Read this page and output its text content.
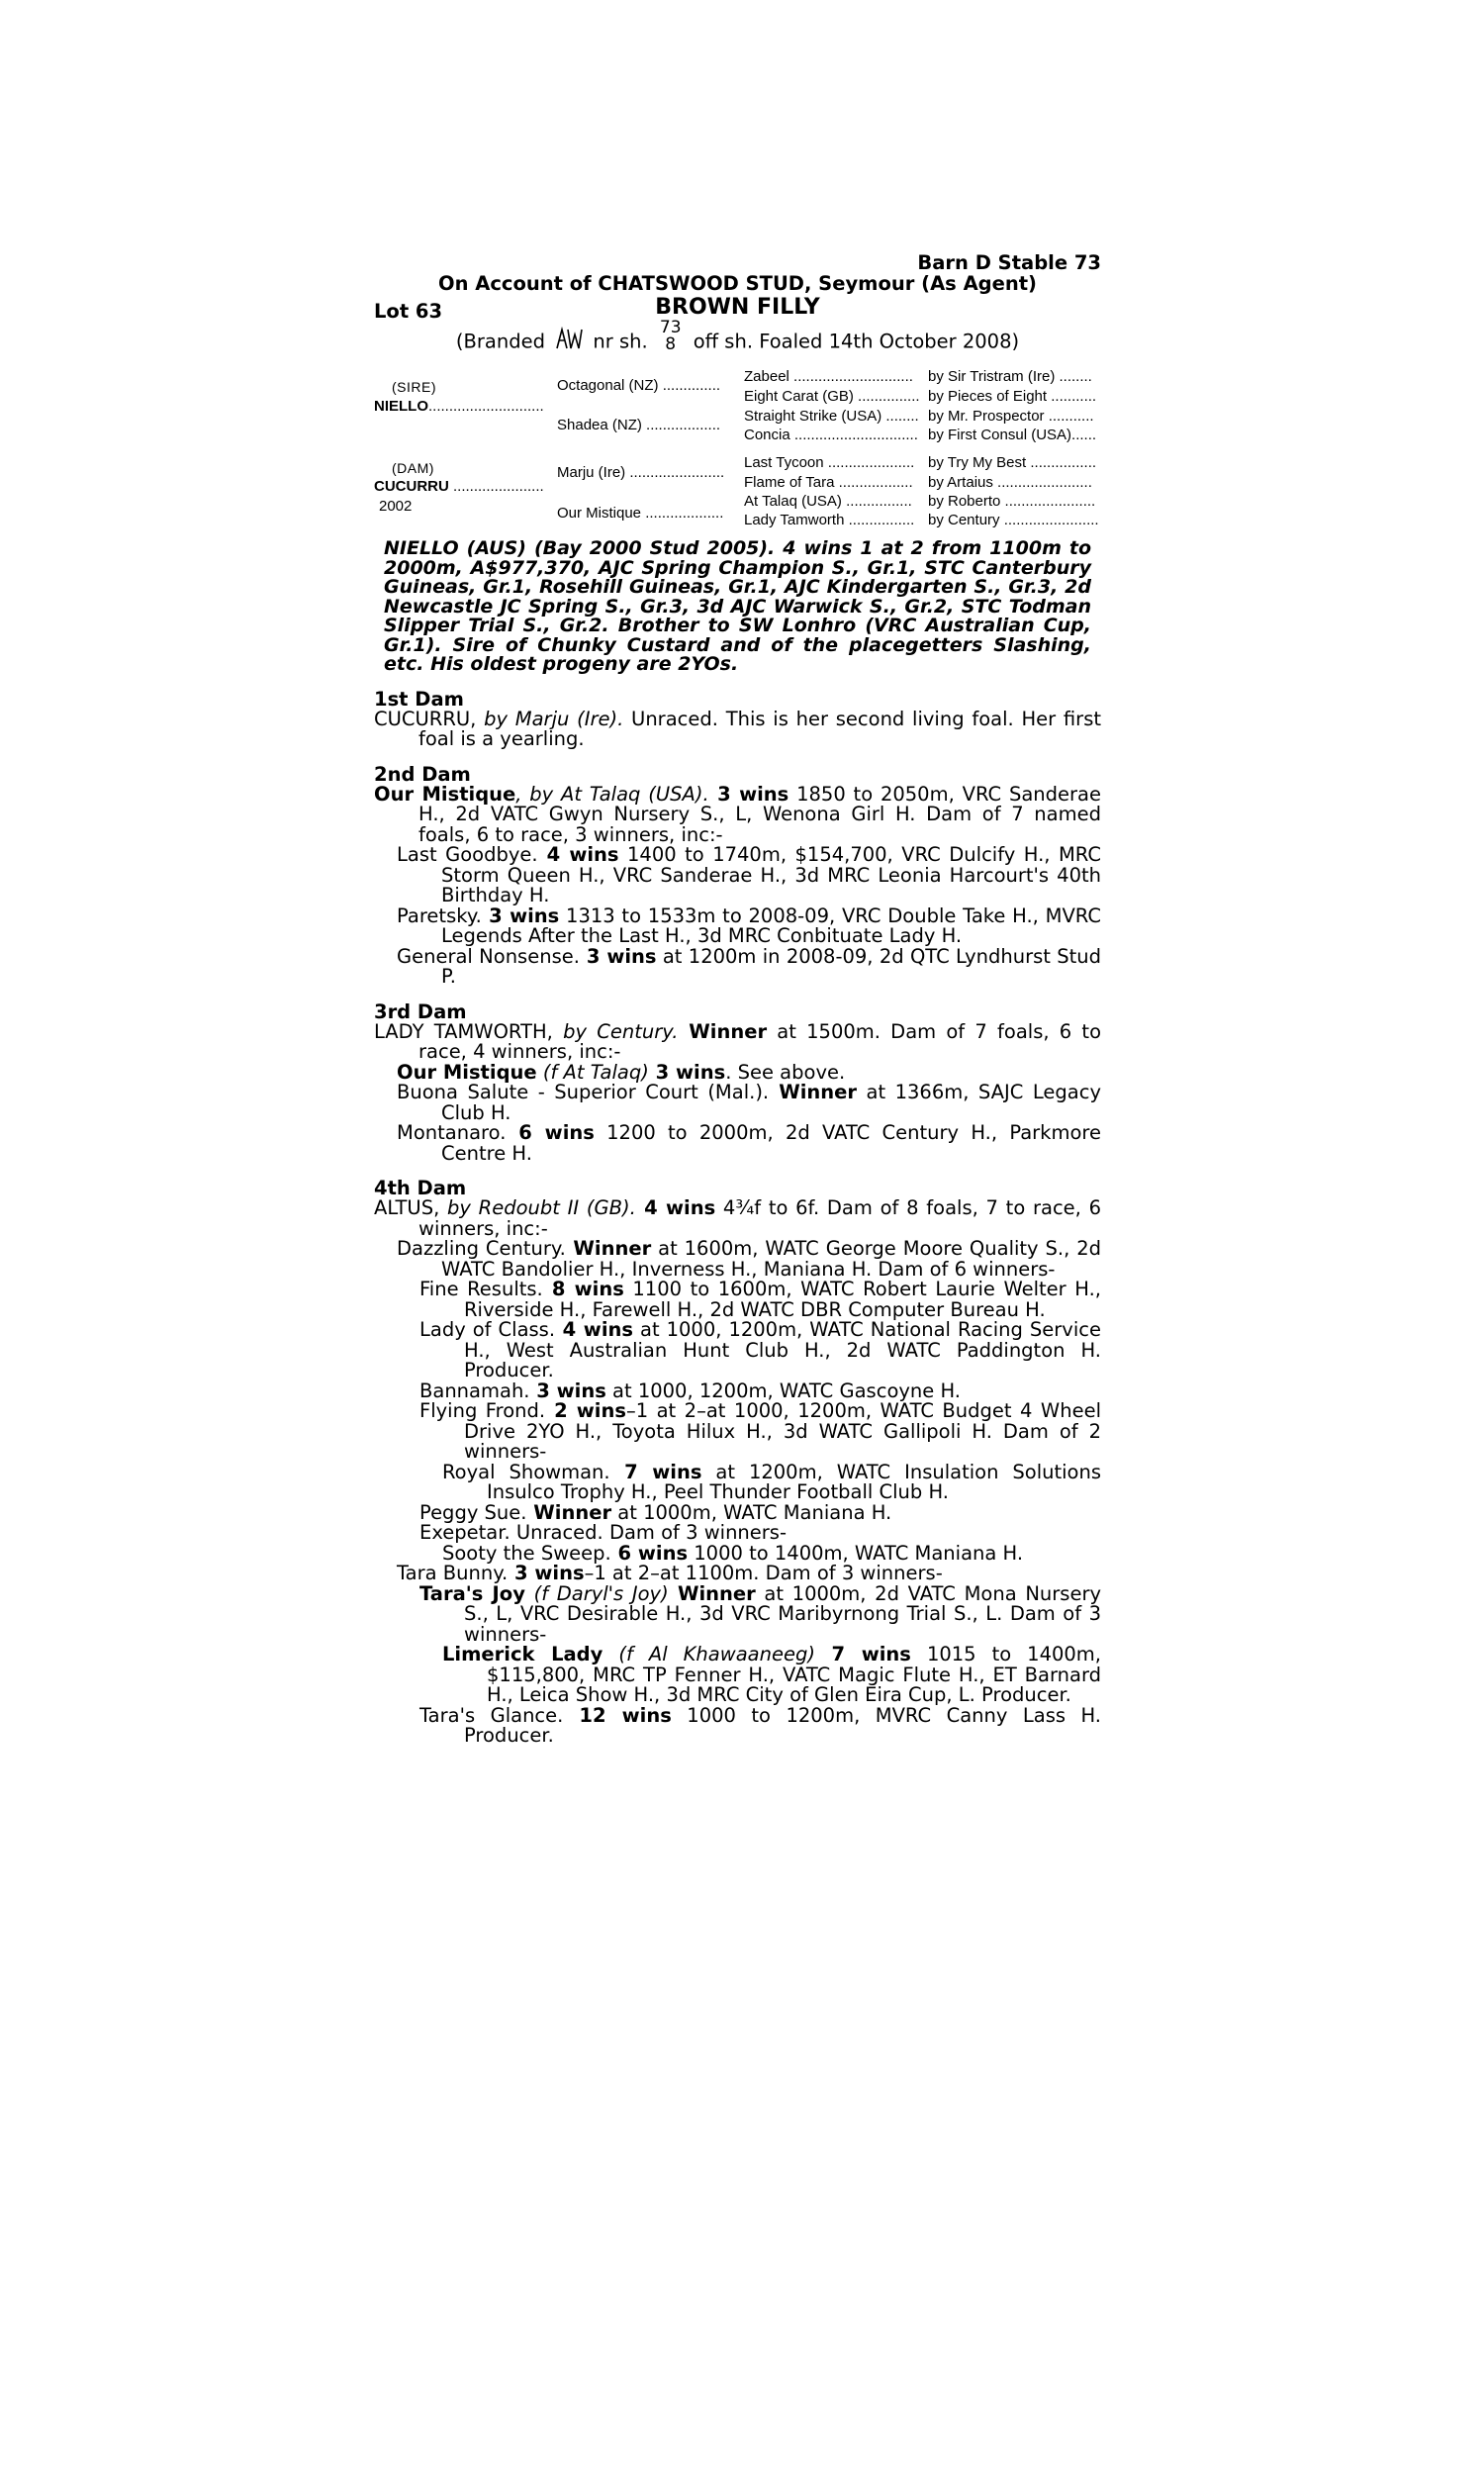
Barn D Stable 73
On Account of CHATSWOOD STUD, Seymour (As Agent)
Lot 63	BROWN FILLY
(Branded nr sh.
73
8 off sh. Foaled 14th October 2008)
(SIRE)
NIELLO............................
(DAM)
CUCURRU ......................
2002
Octagonal (NZ) ..............
Shadea (NZ) ..................
Marju (Ire) .......................
Our Mistique ...................
Zabeel .............................
Eight Carat (GB) ...............
Straight Strike (USA) ........
Concia ..............................
Last Tycoon .....................
Flame of Tara ..................
At Talaq (USA) ................
Lady Tamworth ................
by Sir Tristram (Ire) ........
by Pieces of Eight ...........
by Mr. Prospector ...........
by First Consul (USA)......
by Try My Best ................
by Artaius .......................
by Roberto ......................
by Century .......................
NIELLO (AUS) (Bay 2000 Stud 2005). 4 wins 1 at 2 from 1100m to 2000m, A$977,370, AJC Spring Champion S., Gr.1, STC Canterbury Guineas, Gr.1, Rosehill Guineas, Gr.1, AJC Kindergarten S., Gr.3, 2d Newcastle JC Spring S., Gr.3, 3d AJC Warwick S., Gr.2, STC Todman Slipper Trial S., Gr.2. Brother to SW Lonhro (VRC Australian Cup, Gr.1). Sire of Chunky Custard and of the placegetters Slashing, etc. His oldest progeny are 2YOs.
1st Dam

CUCURRU, by Marju (Ire). Unraced. This is her second living foal. Her first foal is a yearling.

2nd Dam

Our Mistique, by At Talaq (USA). 3 wins 1850 to 2050m, VRC Sanderae H., 2d VATC Gwyn Nursery S., L, Wenona Girl H. Dam of 7 named foals, 6 to race, 3 winners, inc:-

Last Goodbye. 4 wins 1400 to 1740m, $154,700, VRC Dulcify H., MRC Storm Queen H., VRC Sanderae H., 3d MRC Leonia Harcourt's 40th Birthday H.

Paretsky. 3 wins 1313 to 1533m to 2008-09, VRC Double Take H., MVRC Legends After the Last H., 3d MRC Conbituate Lady H.

General Nonsense. 3 wins at 1200m in 2008-09, 2d QTC Lyndhurst Stud P.

3rd Dam

LADY TAMWORTH, by Century. Winner at 1500m. Dam of 7 foals, 6 to race, 4 winners, inc:-

Our Mistique (f At Talaq) 3 wins. See above.

Buona Salute - Superior Court (Mal.). Winner at 1366m, SAJC Legacy Club H.

Montanaro. 6 wins 1200 to 2000m, 2d VATC Century H., Parkmore Centre H.

4th Dam

ALTUS, by Redoubt II (GB). 4 wins 4¾f to 6f. Dam of 8 foals, 7 to race, 6 winners, inc:-

Dazzling Century. Winner at 1600m, WATC George Moore Quality S., 2d WATC Bandolier H., Inverness H., Maniana H. Dam of 6 winners-

Fine Results. 8 wins 1100 to 1600m, WATC Robert Laurie Welter H., Riverside H., Farewell H., 2d WATC DBR Computer Bureau H.

Lady of Class. 4 wins at 1000, 1200m, WATC National Racing Service H., West Australian Hunt Club H., 2d WATC Paddington H. Producer.

Bannamah. 3 wins at 1000, 1200m, WATC Gascoyne H.

Flying Frond. 2 wins–1 at 2–at 1000, 1200m, WATC Budget 4 Wheel Drive 2YO H., Toyota Hilux H., 3d WATC Gallipoli H. Dam of 2 winners-

Royal Showman. 7 wins at 1200m, WATC Insulation Solutions Insulco Trophy H., Peel Thunder Football Club H.

Peggy Sue. Winner at 1000m, WATC Maniana H.

Exepetar. Unraced. Dam of 3 winners-

Sooty the Sweep. 6 wins 1000 to 1400m, WATC Maniana H.

Tara Bunny. 3 wins–1 at 2–at 1100m. Dam of 3 winners-

Tara's Joy (f Daryl's Joy) Winner at 1000m, 2d VATC Mona Nursery S., L, VRC Desirable H., 3d VRC Maribyrnong Trial S., L. Dam of 3 winners-

Limerick Lady (f Al Khawaaneeg) 7 wins 1015 to 1400m, $115,800, MRC TP Fenner H., VATC Magic Flute H., ET Barnard H., Leica Show H., 3d MRC City of Glen Eira Cup, L. Producer.

Tara's Glance. 12 wins 1000 to 1200m, MVRC Canny Lass H. Producer.
